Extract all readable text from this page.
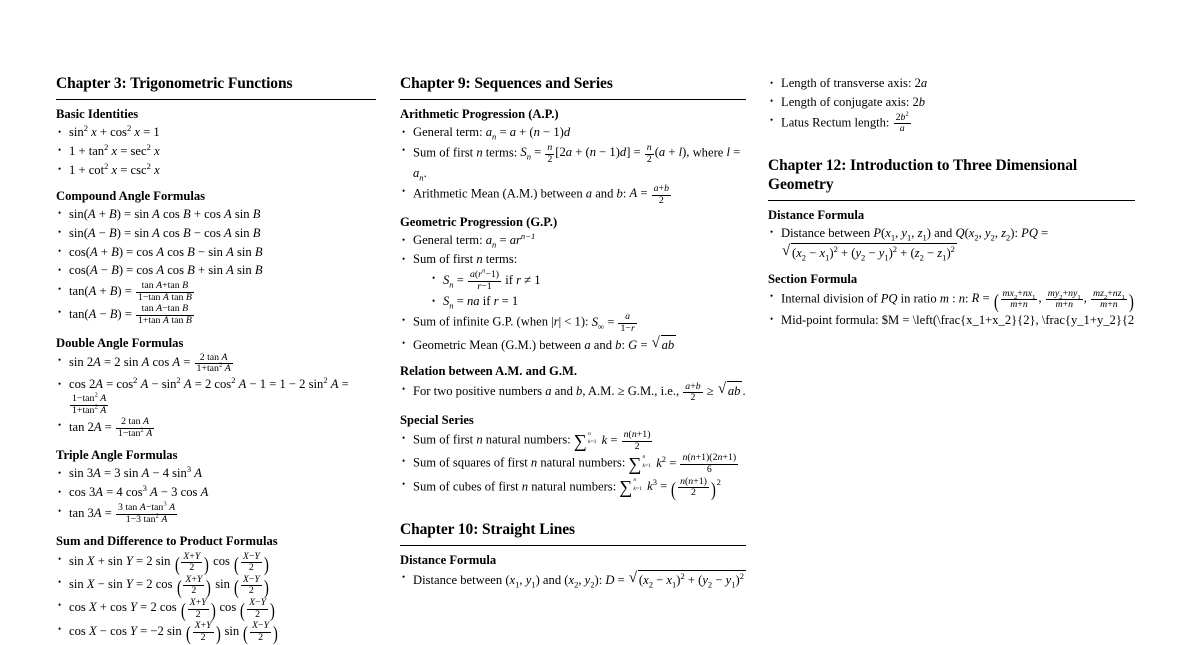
Chapter 3: Trigonometric Functions
Basic Identities
• $\sin^2 x + \cos^2 x = 1$
• $1 + \tan^2 x = \sec^2 x$
• $1 + \cot^2 x = \csc^2 x$
Compound Angle Formulas
• sin(A + B) = sin A cos B + cos A sin B
• sin(A − B) = sin A cos B − cos A sin B
• cos(A + B) = cos A cos B − sin A sin B
• cos(A − B) = cos A cos B + sin A sin B
• $\tan(A + B) = \frac{\text{tan A+tan B}}{\text{1−tan A tan B}}$
• $\tan(A - B) = \frac{\text{tan A−tan B}}{\text{1+tan A tan B}}$
Double Angle Formulas
• sin 2A = 2 sin A $\cos A = \frac{\text{2 tan A}}{1+\tan^2 A}$
• $\cos 2A = \cos^2 A - \sin^2 A = 2$ $\cos^2 A - 1 = 1 - 2$ $\sin^2 A$ =
$\frac{1-\tan^2 A}{1+\tan^2 A}$
• $\tan 2A = \frac{\text{2 tan A}}{1-\tan^2 A}$
Triple Angle Formulas
• sin 3A = 3 sin A − 4 $\sin^3 A$
• cos 3A = 4 $\cos^3 A - 3$ cos A
• $\tan 3A = \frac{3 \tan A-\tan^3 A}{1-3 \tan^2 A}$
Sum and Difference to Product Formulas
• sin X + sin Y = 2 sin ( $\frac{X+Y}{2}$ ) cos ( $\frac{X-Y}{2}$ )
• sin X − sin Y = 2 cos ( $\frac{X+Y}{2}$ ) sin ( $\frac{X-Y}{2}$ )
• cos X + cos Y = 2 cos ( $\frac{X+Y}{2}$ ) cos ( $\frac{X-Y}{2}$ )
• cos X − cos Y = −2 sin ( $\frac{X+Y}{2}$ ) sin ( $\frac{X-Y}{2}$ )
Chapter 9: Sequences and Series
Arithmetic Progression (A.P.)
• General term: $a_n = a + (n - 1)d$
• Sum of first n terms: $S_n = \frac{n}{2} [2a + (n - 1)d] = \frac{n}{2} (a + l)$, where $l = a_n$.
• Arithmetic Mean (A.M.) between a and b: $A = \frac{a+b}{2}$
Geometric Progression (G.P.)
• General term: $a_n = ar^{n-1}$
• Sum of first n terms:
• $S_n = \frac{a(r^n-1)}{r-1}$ if r ≠ 1
• $S_n$ = na if r = 1
• Sum of infinite G.P. (when |r| < 1): $S_\infty = \frac{a}{1-r}$
• Geometric Mean (G.M.) between a and b: G = √ ab
Relation between A.M. and G.M.
• For two positive numbers a and b, A.M. ≥ G.M., i.e., $\frac{a+b}{2}$ ≥ √ ab .
Special Series
• Sum of first n natural numbers: ∑ n
k=1 $k = \frac{n(n+1)}{2}$
• Sum of squares of first n natural numbers: ∑ n
k=1 $k^2 = \frac{n(n+1)(2n+1)}{6}$
• Sum of cubes of first n natural numbers: ∑ n
k=1 $k^3$ = ( $\frac{n(n+1)}{2} )^2$
Chapter 10: Straight Lines
Distance Formula
• Distance between ($x_1$, $y_1$) and ($x_2$, $y_2$): D = √ $(x_2 - x_1)^2 + (y_2 - y_1)^2$
• Length of transverse axis: 2a
• Length of conjugate axis: 2b
• Latus Rectum length: $\frac{2b^2}{a}$
Chapter 12: Introduction to Three Dimensional Geometry
Distance Formula
• Distance between $P(x_1$, $y_1$, $z_1$) and $Q(x_2$, $y_2$, $z_2$): PQ =
√ $(x_2 - x_1)^2 + (y_2 - y_1)^2 + (z_2 - z_1)^2$
Section Formula
• Internal division of PQ in ratio m : n: R = ( $\frac{mx_2+nx_1}{m+n}$ , $\frac{my_2+ny_1}{m+n}$ , $\frac{mz_2+nz_1}{m+n}$ )
• Mid-point formula: $M = \left(\frac{x_1+x_2}{2}, \frac{y_1+y_2}{2
